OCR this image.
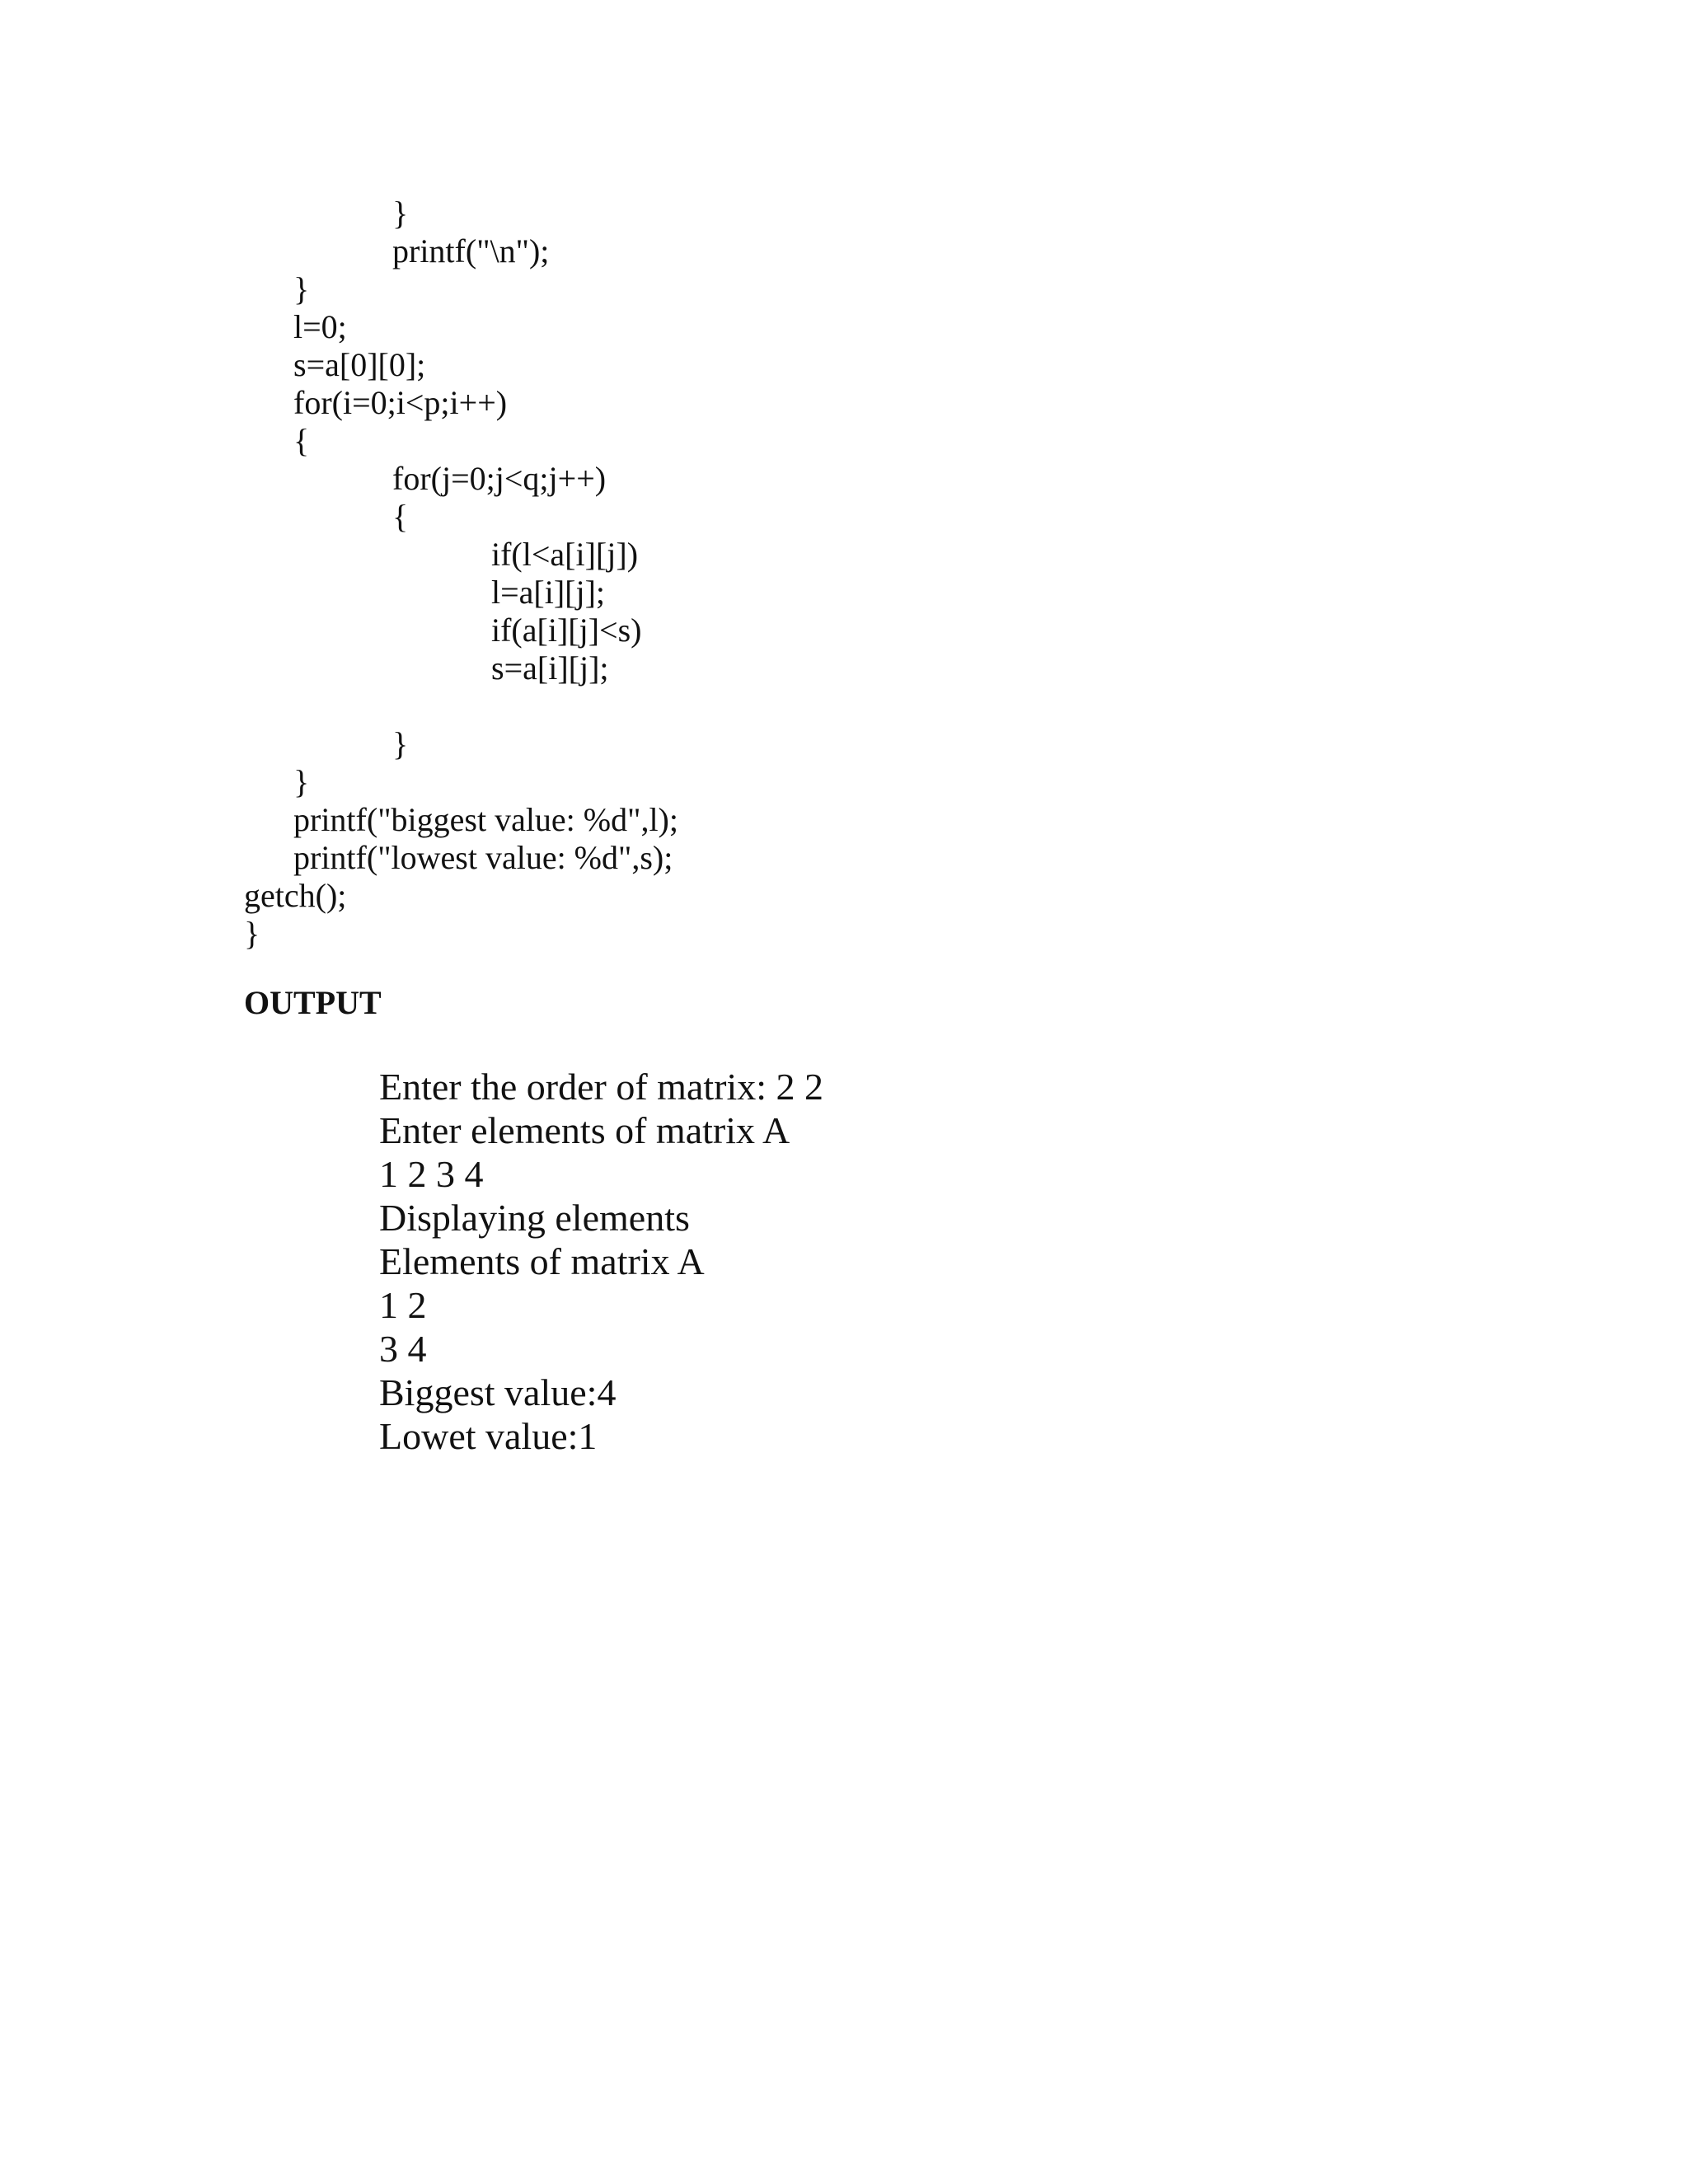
}

printf("\n");

}

l=0;

s=a[0][0];

for(i=0;i<p;i++)

{

for(j=0;j<q;j++)

{

if(l<a[i][j])

l=a[i][j];

if(a[i][j]<s)

s=a[i][j];

}

}

printf("biggest value: %d",l);

printf("lowest value: %d",s);

getch();

}

OUTPUT

Enter the order of matrix: 2 2

Enter elements of matrix A

1 2 3 4

Displaying elements

Elements of matrix A

1 2

3 4

Biggest value:4

Lowet value:1
